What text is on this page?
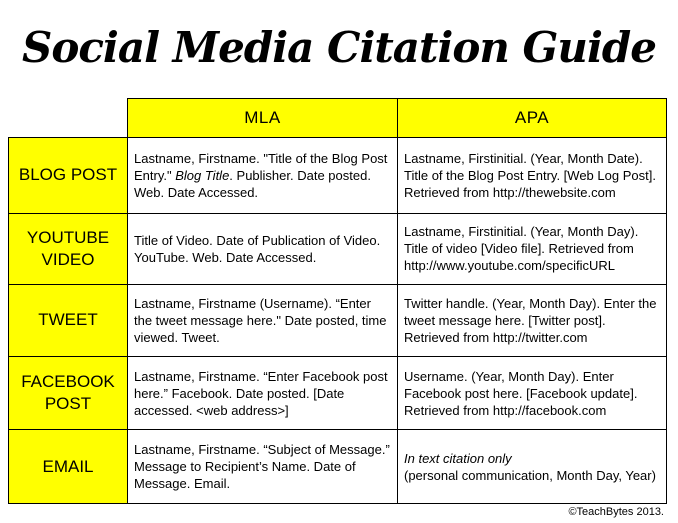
Social Media Citation Guide
	MLA	APA
BLOG POST	Lastname, Firstname. "Title of the Blog Post Entry." Blog Title. Publisher. Date posted. Web. Date Accessed.	Lastname, Firstinitial. (Year, Month Date). Title of the Blog Post Entry. [Web Log Post]. Retrieved from http://thewebsite.com
YOUTUBE VIDEO	Title of Video. Date of Publication of Video. YouTube. Web. Date Accessed.	Lastname, Firstinitial. (Year, Month Day). Title of video [Video file]. Retrieved from http://www.youtube.com/specificURL
TWEET	Lastname, Firstname (Username). “Enter the tweet message here." Date posted, time viewed. Tweet.	Twitter handle. (Year, Month Day). Enter the tweet message here. [Twitter post]. Retrieved from http://twitter.com
FACEBOOK POST	Lastname, Firstname. “Enter Facebook post here.” Facebook. Date posted. [Date accessed. <web address>]	Username. (Year, Month Day). Enter Facebook post here. [Facebook update]. Retrieved from http://facebook.com
EMAIL	Lastname, Firstname. “Subject of Message.” Message to Recipient’s Name. Date of Message. Email.	In text citation only
(personal communication, Month Day, Year)
©TeachBytes 2013.
